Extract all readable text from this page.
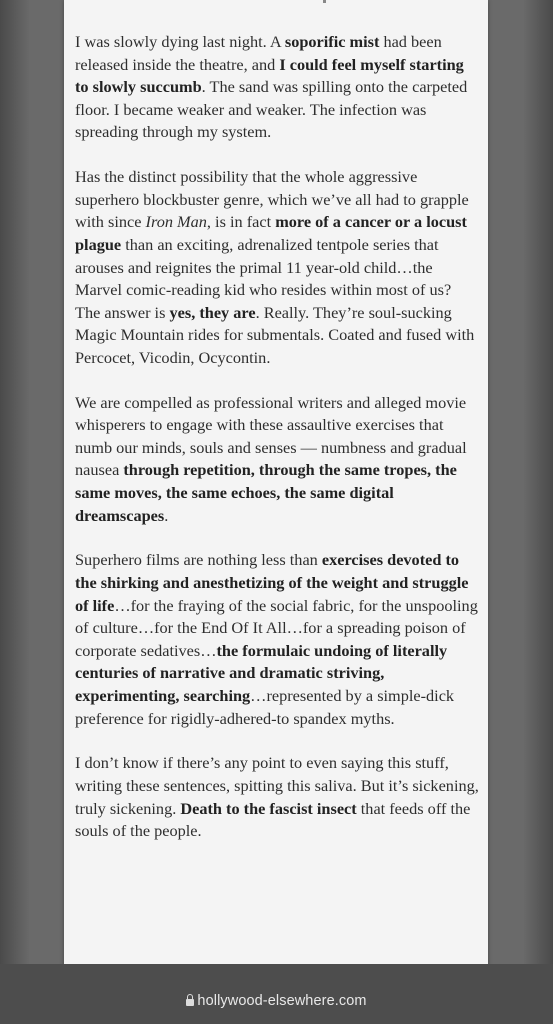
I was slowly dying last night. A soporific mist had been released inside the theatre, and I could feel myself starting to slowly succumb. The sand was spilling onto the carpeted floor. I became weaker and weaker. The infection was spreading through my system.

Has the distinct possibility that the whole aggressive superhero blockbuster genre, which we’ve all had to grapple with since Iron Man, is in fact more of a cancer or a locust plague than an exciting, adrenalized tentpole series that arouses and reignites the primal 11 year-old child…the Marvel comic-reading kid who resides within most of us? The answer is yes, they are. Really. They’re soul-sucking Magic Mountain rides for submentals. Coated and fused with Percocet, Vicodin, Ocycontin.

We are compelled as professional writers and alleged movie whisperers to engage with these assaultive exercises that numb our minds, souls and senses — numbness and gradual nausea through repetition, through the same tropes, the same moves, the same echoes, the same digital dreamscapes.

Superhero films are nothing less than exercises devoted to the shirking and anesthetizing of the weight and struggle of life…for the fraying of the social fabric, for the unspooling of culture…for the End Of It All…for a spreading poison of corporate sedatives…the formulaic undoing of literally centuries of narrative and dramatic striving, experimenting, searching…represented by a simple-dick preference for rigidly-adhered-to spandex myths.

I don’t know if there’s any point to even saying this stuff, writing these sentences, spitting this saliva. But it’s sickening, truly sickening. Death to the fascist insect that feeds off the souls of the people.

hollywood-elsewhere.com
